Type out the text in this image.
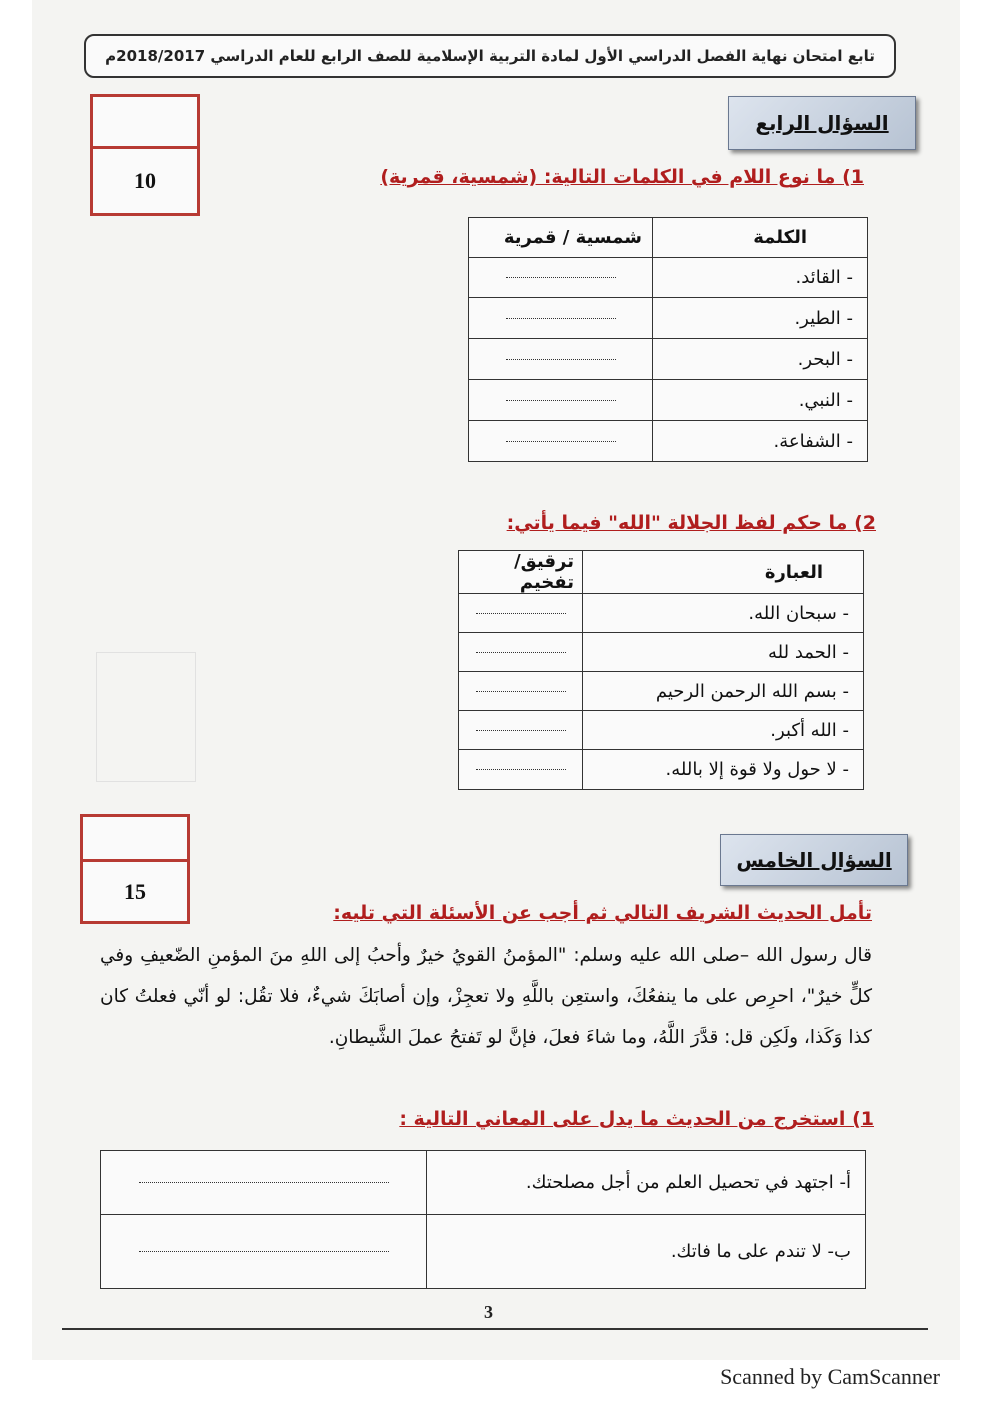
تابع امتحان نهاية الفصل الدراسي الأول لمادة التربية الإسلامية للصف الرابع للعام الدراسي 2018/2017م
10
السؤال الرابع
1) ما نوع اللام في الكلمات التالية: (شمسية، قمرية)
الكلمة	شمسية / قمرية
- القائد.	

- الطير.	

- البحر.	

- النبي.	

- الشفاعة.	
2) ما حكم لفظ الجلالة "الله" فيما يأتي:
العبارة	ترقيق/ تفخيم
- سبحان الله.	

- الحمد لله	

- بسم الله الرحمن الرحيم	

- الله أكبر.	

- لا حول ولا قوة إلا بالله.	
15
السؤال الخامس
تأمل الحديث الشريف التالي ثم أجب عن الأسئلة التي تليه:
قال رسول الله –صلى الله عليه وسلم: "المؤمنُ القويُ خيرٌ وأحبُ إلى اللهِ منَ المؤمنِ الضّعيفِ وفي كلٍّ خيرٌ"، احرِص على ما ينفعُكَ، واستعِن باللَّهِ ولا تعجِزْ، وإن أصابَكَ شيءٌ، فلا تقُل: لو أنّي فعلتُ كان كذا وَكَذا، ولَكِن قل: قدَّرَ اللَّهُ، وما شاءَ فعلَ، فإنَّ لو تَفتحُ عملَ الشَّيطانِ.
1) استخرج من الحديث ما يدل على المعاني التالية :
أ- اجتهد في تحصيل العلم من أجل مصلحتك.	

ب- لا تندم على ما فاتك.	
3
Scanned by CamScanner
